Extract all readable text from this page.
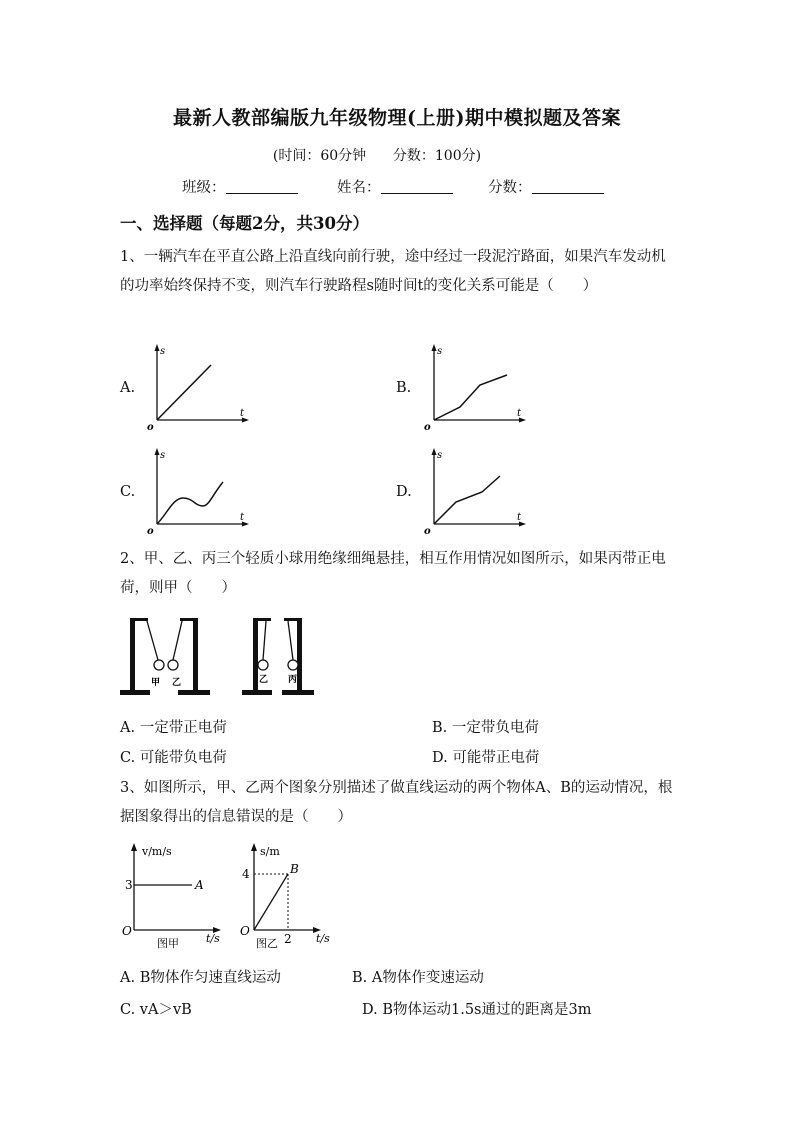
最新人教部编版九年级物理(上册)期中模拟题及答案
(时间：60分钟 分数：100分)
班级：	姓名：	分数：
一、选择题（每题2分，共30分）
1、一辆汽车在平直公路上沿直线向前行驶，途中经过一段泥泞路面，如果汽车发动机的功率始终保持不变，则汽车行驶路程s随时间t的变化关系可能是（　　）
A.	B.
C.	D.
s
t
o
s
t
o
s
t
o
s
t
o
2、甲、乙、丙三个轻质小球用绝缘细绳悬挂，相互作用情况如图所示，如果丙带正电荷，则甲（　　）
甲 乙	乙 丙
A. 一定带正电荷	B. 一定带负电荷
C. 可能带负电荷	D. 可能带正电荷
3、如图所示，甲、乙两个图象分别描述了做直线运动的两个物体A、B的运动情况，根据图象得出的信息错误的是（　　）
v/m/s
t/s
O
3	A
图甲
s/m
t/s
O
4	B
2
图乙
A. B物体作匀速直线运动	B. A物体作变速运动
C. vA＞vB	D. B物体运动1.5s通过的距离是3m
